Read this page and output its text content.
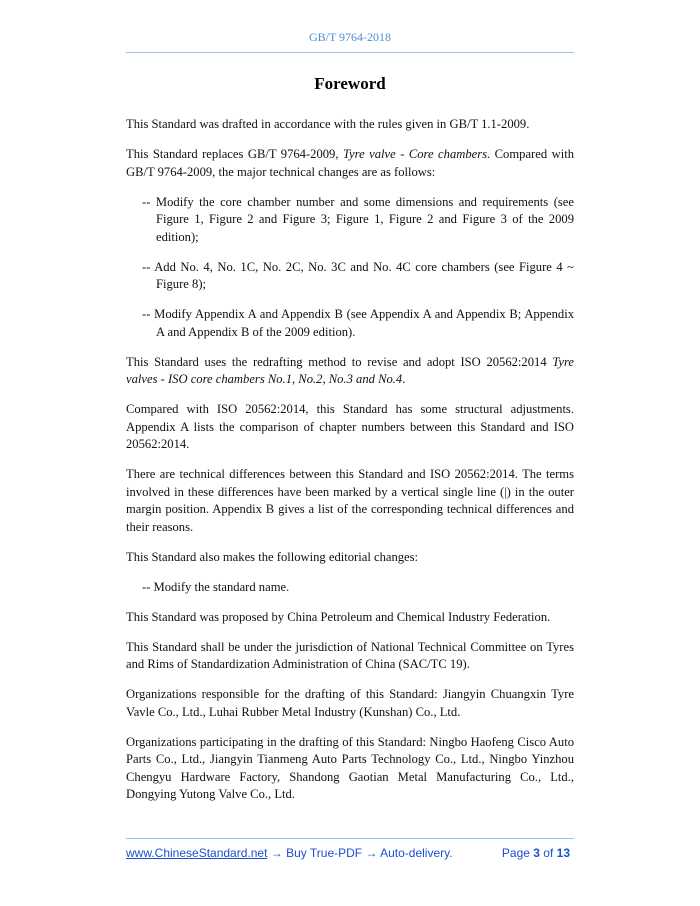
GB/T 9764-2018
Foreword

This Standard was drafted in accordance with the rules given in GB/T 1.1-2009.

This Standard replaces GB/T 9764-2009, Tyre valve - Core chambers. Compared with GB/T 9764-2009, the major technical changes are as follows:

-- Modify the core chamber number and some dimensions and requirements (see Figure 1, Figure 2 and Figure 3; Figure 1, Figure 2 and Figure 3 of the 2009 edition);

-- Add No. 4, No. 1C, No. 2C, No. 3C and No. 4C core chambers (see Figure 4 ~ Figure 8);

-- Modify Appendix A and Appendix B (see Appendix A and Appendix B; Appendix A and Appendix B of the 2009 edition).

This Standard uses the redrafting method to revise and adopt ISO 20562:2014 Tyre valves - ISO core chambers No.1, No.2, No.3 and No.4.

Compared with ISO 20562:2014, this Standard has some structural adjustments. Appendix A lists the comparison of chapter numbers between this Standard and ISO 20562:2014.

There are technical differences between this Standard and ISO 20562:2014. The terms involved in these differences have been marked by a vertical single line (|) in the outer margin position. Appendix B gives a list of the corresponding technical differences and their reasons.

This Standard also makes the following editorial changes:

-- Modify the standard name.

This Standard was proposed by China Petroleum and Chemical Industry Federation.

This Standard shall be under the jurisdiction of National Technical Committee on Tyres and Rims of Standardization Administration of China (SAC/TC 19).

Organizations responsible for the drafting of this Standard: Jiangyin Chuangxin Tyre Vavle Co., Ltd., Luhai Rubber Metal Industry (Kunshan) Co., Ltd.

Organizations participating in the drafting of this Standard: Ningbo Haofeng Cisco Auto Parts Co., Ltd., Jiangyin Tianmeng Auto Parts Technology Co., Ltd., Ningbo Yinzhou Chengyu Hardware Factory, Shandong Gaotian Metal Manufacturing Co., Ltd., Dongying Yutong Valve Co., Ltd.

www.ChineseStandard.net → Buy True-PDF → Auto-delivery.	Page 3 of 13
